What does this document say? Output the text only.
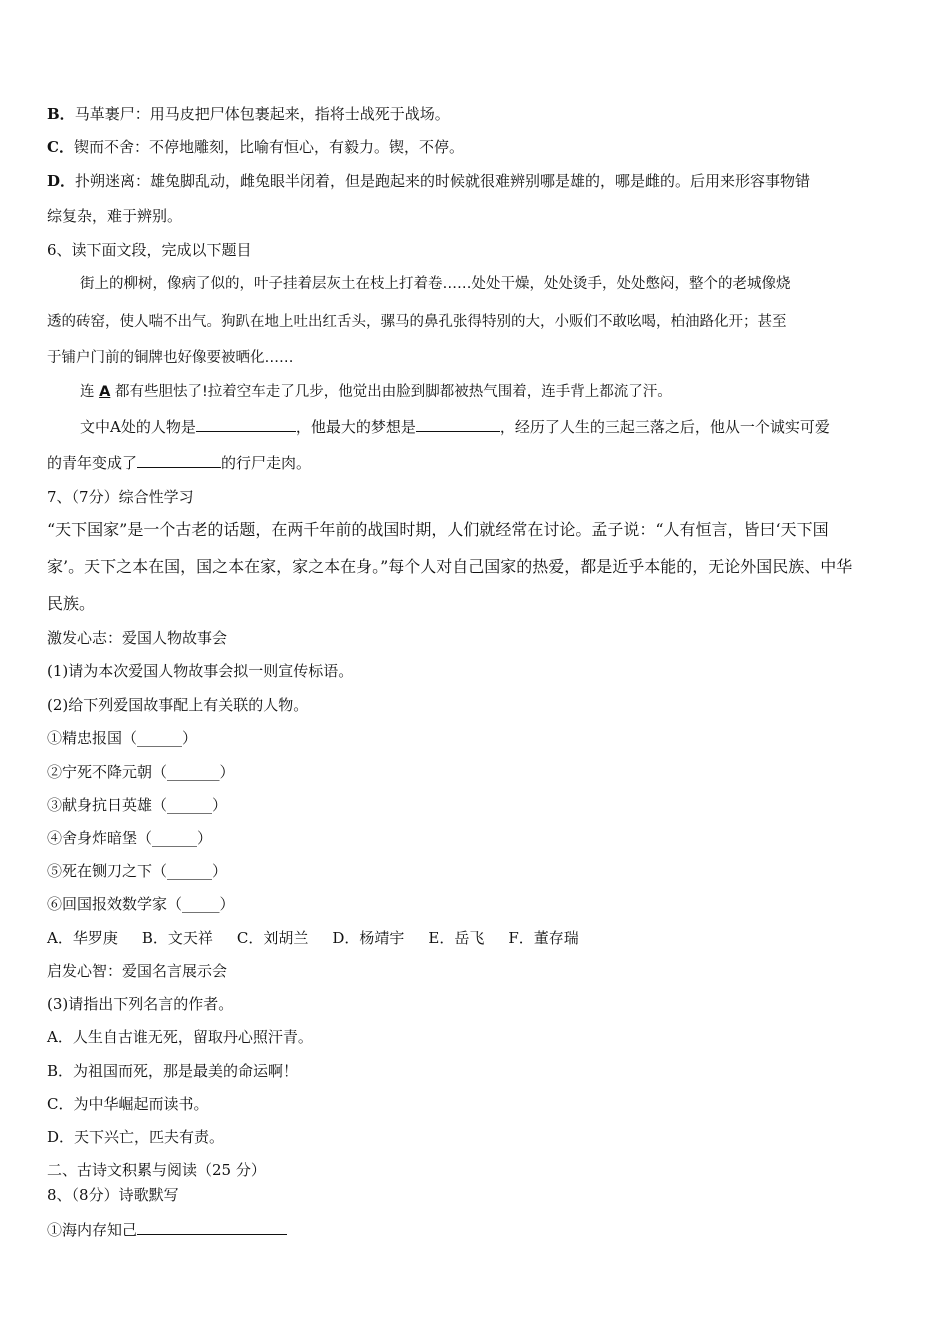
B．马革裹尸：用马皮把尸体包裹起来，指将士战死于战场。
C．锲而不舍：不停地雕刻，比喻有恒心，有毅力。锲，不停。
D．扑朔迷离：雄兔脚乱动，雌兔眼半闭着，但是跑起来的时候就很难辨别哪是雄的，哪是雌的。后用来形容事物错
综复杂，难于辨别。
6、读下面文段，完成以下题目
街上的柳树，像病了似的，叶子挂着层灰土在枝上打着卷……处处干燥，处处烫手，处处憋闷，整个的老城像烧
透的砖窑，使人喘不出气。狗趴在地上吐出红舌头，骡马的鼻孔张得特别的大，小贩们不敢吆喝，柏油路化开；甚至
于铺户门前的铜牌也好像要被晒化……
连 A 都有些胆怯了!拉着空车走了几步，他觉出由脸到脚都被热气围着，连手背上都流了汗。
文中A处的人物是	，他最大的梦想是	，经历了人生的三起三落之后，他从一个诚实可爱
的青年变成了	的行尸走肉。
7、（7分）综合性学习
“天下国家”是一个古老的话题，在两千年前的战国时期，人们就经常在讨论。孟子说：“人有恒言，皆曰‘天下国
家’。天下之本在国，国之本在家，家之本在身。”每个人对自己国家的热爱，都是近乎本能的，无论外国民族、中华
民族。
激发心志：爱国人物故事会
(1)请为本次爱国人物故事会拟一则宣传标语。
(2)给下列爱国故事配上有关联的人物。
①精忠报国（______）
②宁死不降元朝（_______）
③献身抗日英雄（______）
④舍身炸暗堡（______）
⑤死在铡刀之下（______）
⑥回国报效数学家（_____）
A．华罗庚 B．文天祥 C．刘胡兰 D．杨靖宇 E．岳飞 F．董存瑞
启发心智：爱国名言展示会
(3)请指出下列名言的作者。
A．人生自古谁无死，留取丹心照汗青。
B．为祖国而死，那是最美的命运啊！
C．为中华崛起而读书。
D．天下兴亡，匹夫有责。
二、古诗文积累与阅读（25 分）
8、（8分）诗歌默写
①海内存知己
